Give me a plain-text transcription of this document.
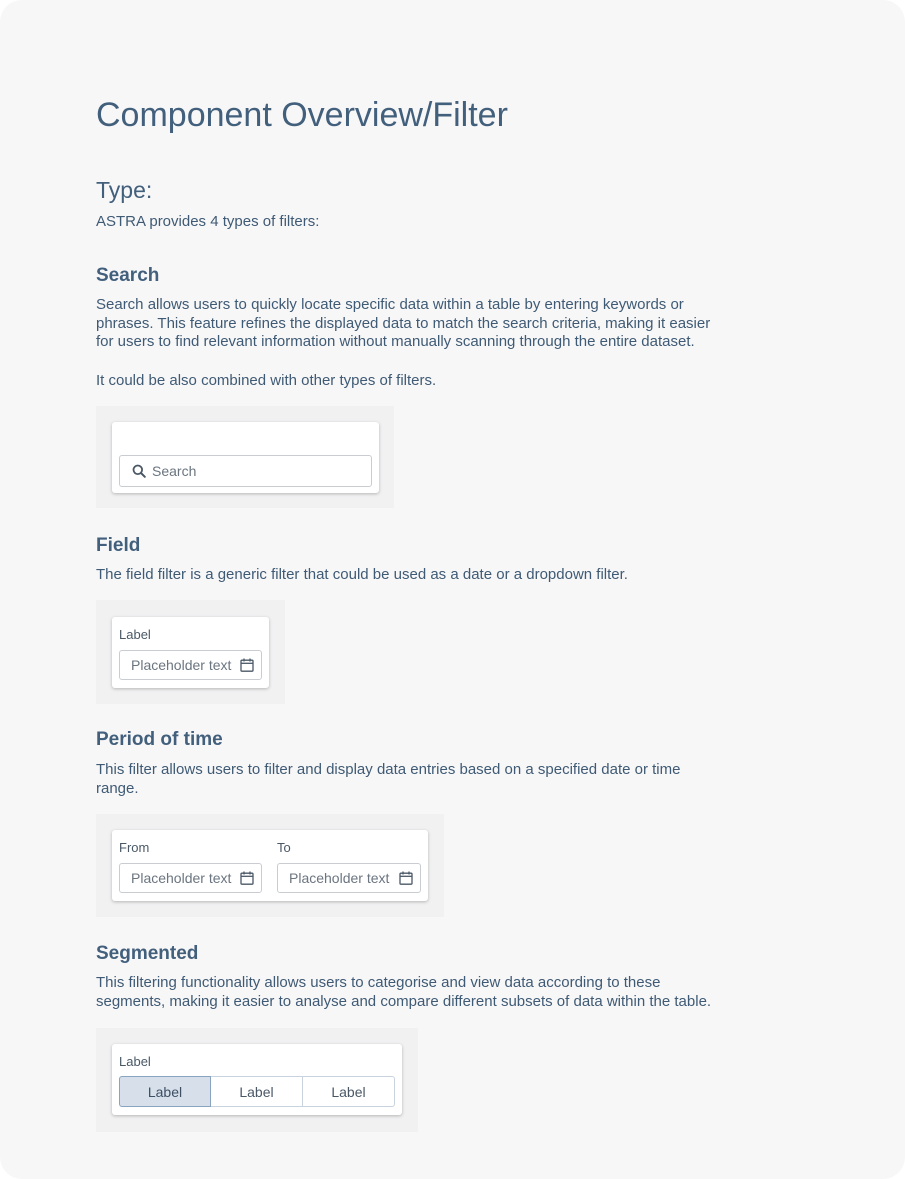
Component Overview/Filter
Type:
ASTRA provides 4 types of filters:
Search
Search allows users to quickly locate specific data within a table by entering keywords or
phrases. This feature refines the displayed data to match the search criteria, making it easier
for users to find relevant information without manually scanning through the entire dataset.
It could be also combined with other types of filters.
Search
Field
The field filter is a generic filter that could be used as a date or a dropdown filter.
Label
Placeholder text
Period of time
This filter allows users to filter and display data entries based on a specified date or time
range.
From	To
Placeholder text	Placeholder text
Segmented
This filtering functionality allows users to categorise and view data according to these
segments, making it easier to analyse and compare different subsets of data within the table.
Label
Label	Label	Label
